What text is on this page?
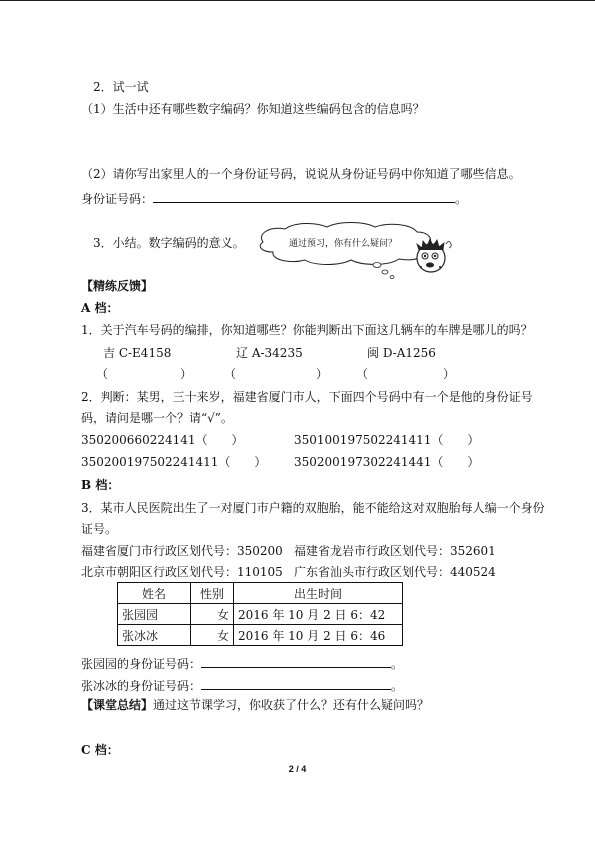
2．试一试
（1）生活中还有哪些数字编码？你知道这些编码包含的信息吗？
（2）请你写出家里人的一个身份证号码，说说从身份证号码中你知道了哪些信息。
身份证号码：	。
3．小结。数字编码的意义。	通过预习，你有什么疑问？
【精练反馈】
A 档：
1．关于汽车号码的编排，你知道哪些？你能判断出下面这几辆车的车牌是哪儿的吗？
吉 C-E4158	辽 A-34235	闽 D-A1256
（	）	（	） （	）
2．判断：某男，三十来岁，福建省厦门市人，下面四个号码中有一个是他的身份证号
码，请问是哪一个？请“√”。
350200660224141（　　）	350100197502241411（　　）
350200197502241411（　　） 350200197302241441（　　）
B 档：
3．某市人民医院出生了一对厦门市户籍的双胞胎，能不能给这对双胞胎每人编一个身份
证号。
福建省厦门市行政区划代号：350200 福建省龙岩市行政区划代号：352601
北京市朝阳区行政区划代号：110105 广东省汕头市行政区划代号：440524
姓名	性别	出生时间
张园园	女	2016 年 10 月 2 日 6：42
张冰冰	女	2016 年 10 月 2 日 6：46
张园园的身份证号码：	。
张冰冰的身份证号码：	。
【课堂总结】通过这节课学习，你收获了什么？还有什么疑问吗？
C 档：
2 / 4
